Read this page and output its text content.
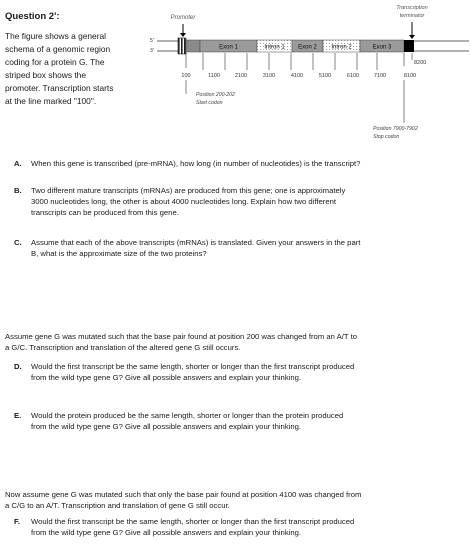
Question 2':
The figure shows a general
schema of a genomic region
coding for a protein G. The
striped box shows the
promoter. Transcription starts
at the line marked "100".
Promoter
Transcription
terminator
5'
3'
Exon 1	Intron 1 Exon 2 Intron 2	Exon 3
8200
100	1100	2100	3100	4100	5100	6100	7100	8100
Position 200-202
Start codon
Position 7900-7902
Stop codon
A. When this gene is transcribed (pre-mRNA), how long (in number of nucleotides) is the transcript?
B. Two different mature transcripts (mRNAs) are produced from this gene; one is approximately
3000 nucleotides long, the other is about 4000 nucleotides long. Explain how two different
transcripts can be produced from this gene.
C. Assume that each of the above transcripts (mRNAs) is translated. Given your answers in the part
B, what is the approximate size of the two proteins?
Assume gene G was mutated such that the base pair found at position 200 was changed from an A/T to
a G/C. Transcription and translation of the altered gene G still occurs.
D. Would the first transcript be the same length, shorter or longer than the first transcript produced
from the wild type gene G? Give all possible answers and explain your thinking.
E. Would the protein produced be the same length, shorter or longer than the protein produced
from the wild type gene G? Give all possible answers and explain your thinking.
Now assume gene G was mutated such that only the base pair found at position 4100 was changed from
a C/G to an A/T. Transcription and translation of gene G still occur.
F. Would the first transcript be the same length, shorter or longer than the first transcript produced
from the wild type gene G? Give all possible answers and explain your thinking.
